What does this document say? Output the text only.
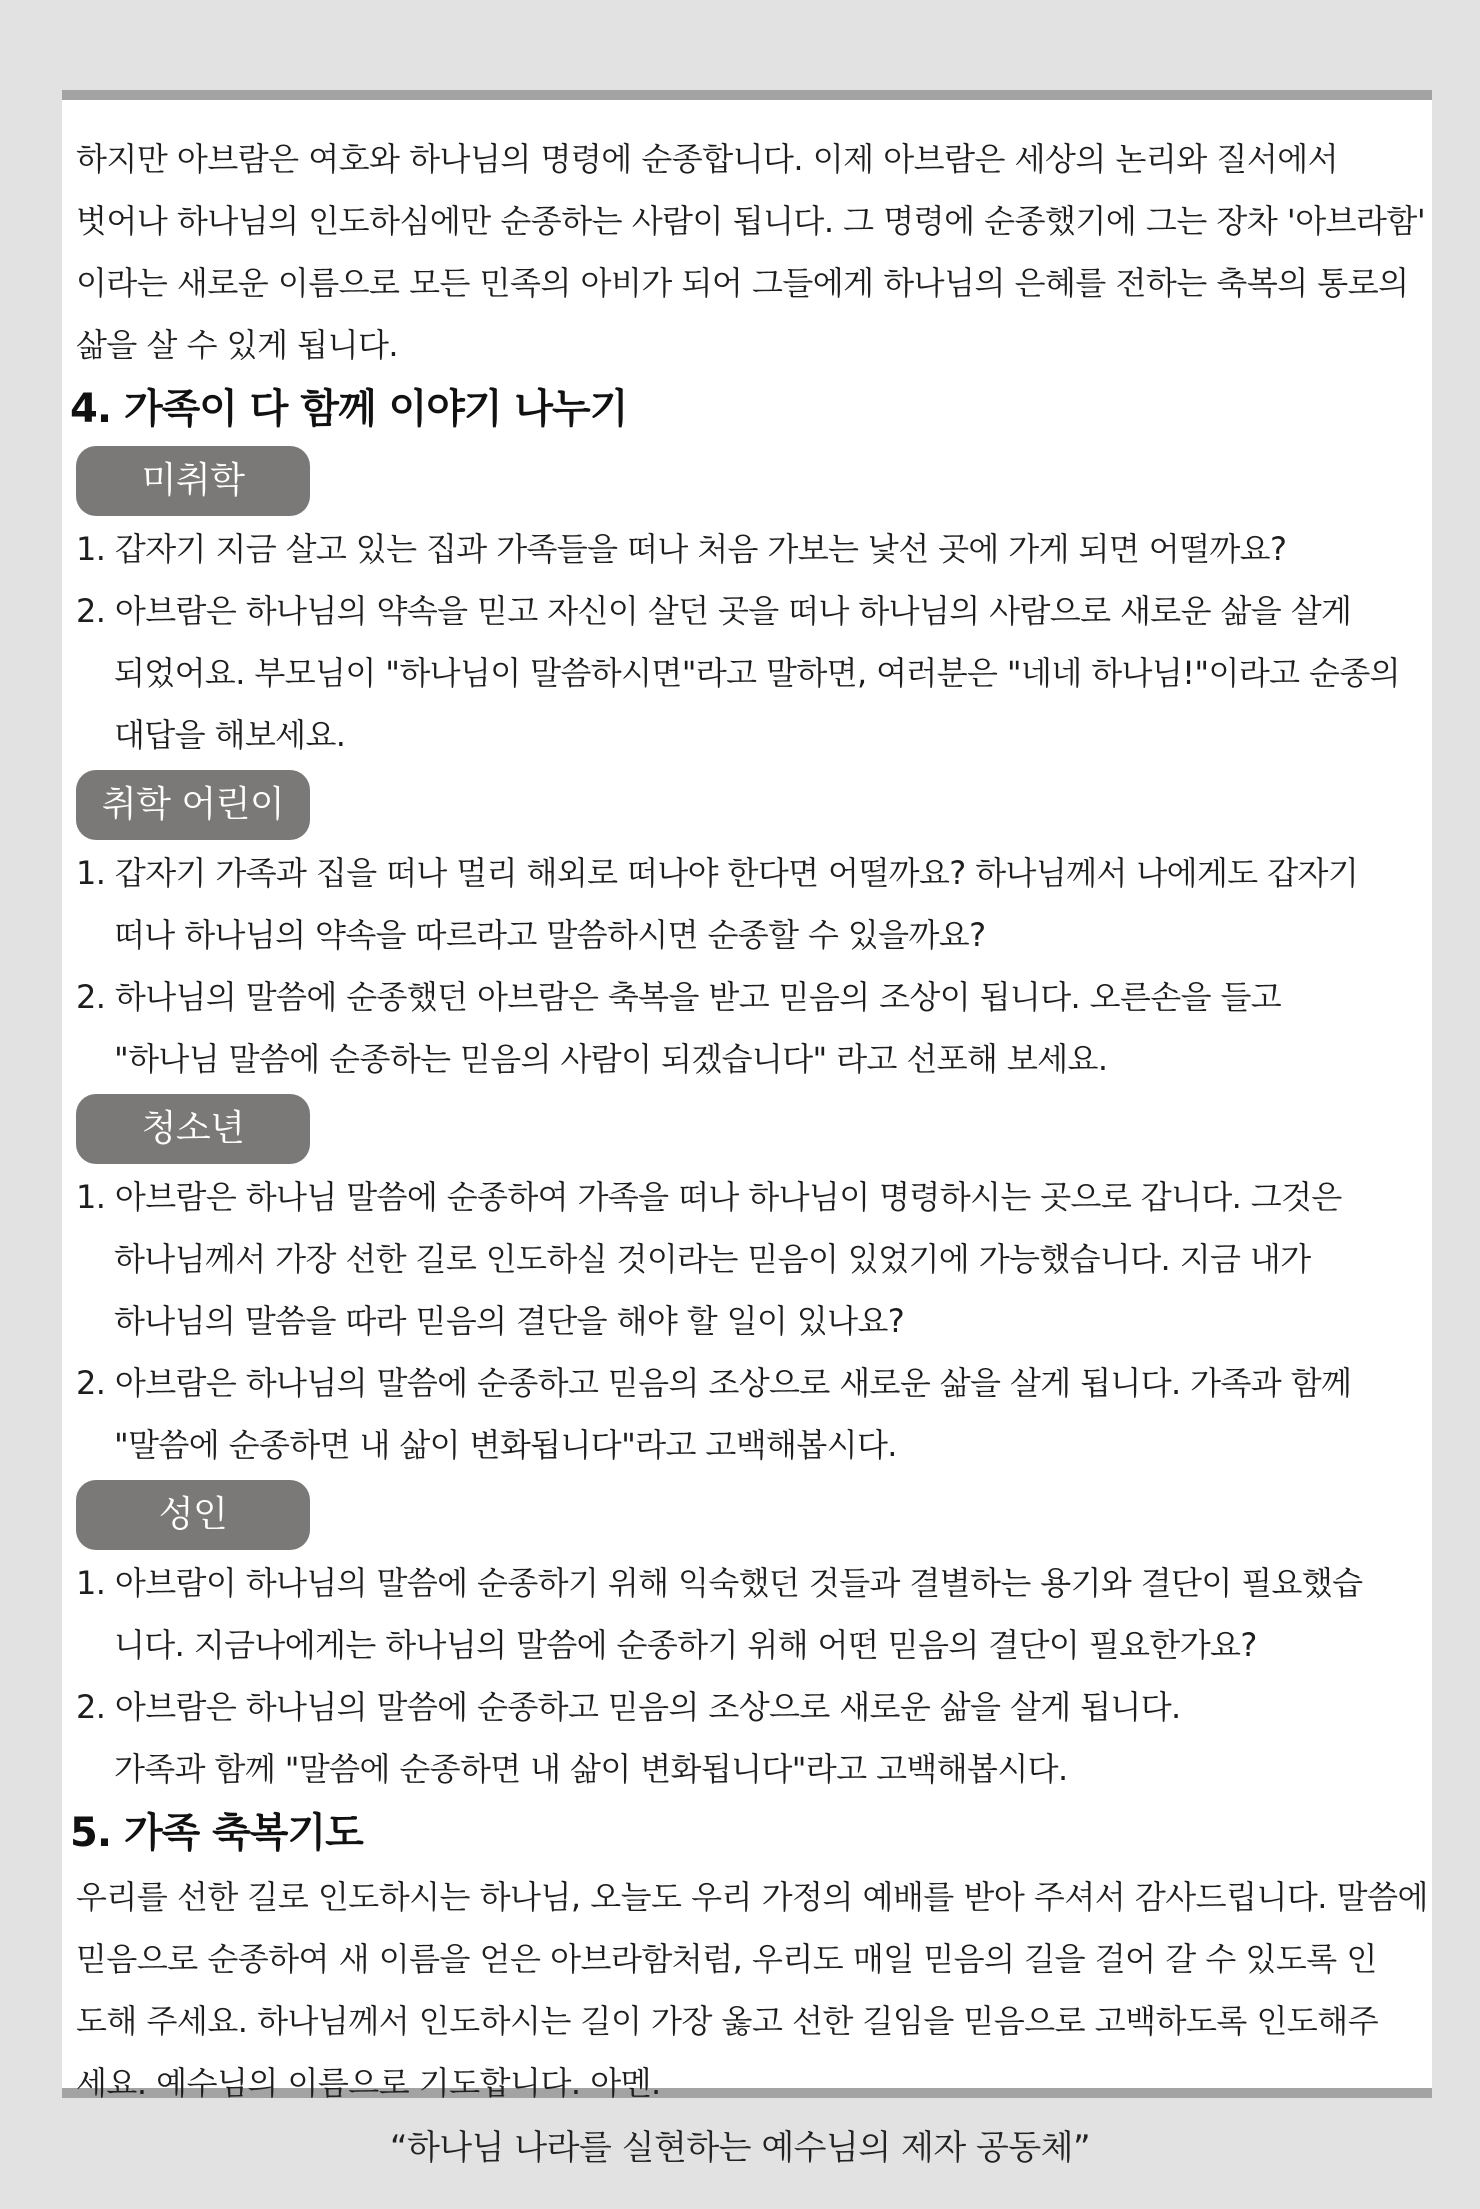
하지만 아브람은 여호와 하나님의 명령에 순종합니다. 이제 아브람은 세상의 논리와 질서에서

벗어나 하나님의 인도하심에만 순종하는 사람이 됩니다. 그 명령에 순종했기에 그는 장차 '아브라함'

이라는 새로운 이름으로 모든 민족의 아비가 되어 그들에게 하나님의 은혜를 전하는 축복의 통로의

삶을 살 수 있게 됩니다.

4. 가족이 다 함께 이야기 나누기
미취학
1. 갑자기 지금 살고 있는 집과 가족들을 떠나 처음 가보는 낯선 곳에 가게 되면 어떨까요?
2. 아브람은 하나님의 약속을 믿고 자신이 살던 곳을 떠나 하나님의 사람으로 새로운 삶을 살게
되었어요. 부모님이 "하나님이 말씀하시면"라고 말하면, 여러분은 "네네 하나님!"이라고 순종의
대답을 해보세요.
취학 어린이
1. 갑자기 가족과 집을 떠나 멀리 해외로 떠나야 한다면 어떨까요? 하나님께서 나에게도 갑자기
떠나 하나님의 약속을 따르라고 말씀하시면 순종할 수 있을까요?
2. 하나님의 말씀에 순종했던 아브람은 축복을 받고 믿음의 조상이 됩니다. 오른손을 들고
"하나님 말씀에 순종하는 믿음의 사람이 되겠습니다" 라고 선포해 보세요.
청소년
1. 아브람은 하나님 말씀에 순종하여 가족을 떠나 하나님이 명령하시는 곳으로 갑니다. 그것은
하나님께서 가장 선한 길로 인도하실 것이라는 믿음이 있었기에 가능했습니다. 지금 내가
하나님의 말씀을 따라 믿음의 결단을 해야 할 일이 있나요?
2. 아브람은 하나님의 말씀에 순종하고 믿음의 조상으로 새로운 삶을 살게 됩니다. 가족과 함께
"말씀에 순종하면 내 삶이 변화됩니다"라고 고백해봅시다.
성인
1. 아브람이 하나님의 말씀에 순종하기 위해 익숙했던 것들과 결별하는 용기와 결단이 필요했습
니다. 지금나에게는 하나님의 말씀에 순종하기 위해 어떤 믿음의 결단이 필요한가요?
2. 아브람은 하나님의 말씀에 순종하고 믿음의 조상으로 새로운 삶을 살게 됩니다.
가족과 함께 "말씀에 순종하면 내 삶이 변화됩니다"라고 고백해봅시다.
5. 가족 축복기도

우리를 선한 길로 인도하시는 하나님, 오늘도 우리 가정의 예배를 받아 주셔서 감사드립니다. 말씀에

믿음으로 순종하여 새 이름을 얻은 아브라함처럼, 우리도 매일 믿음의 길을 걸어 갈 수 있도록 인

도해 주세요. 하나님께서 인도하시는 길이 가장 옳고 선한 길임을 믿음으로 고백하도록 인도해주

세요. 예수님의 이름으로 기도합니다. 아멘.

“하나님 나라를 실현하는 예수님의 제자 공동체”
